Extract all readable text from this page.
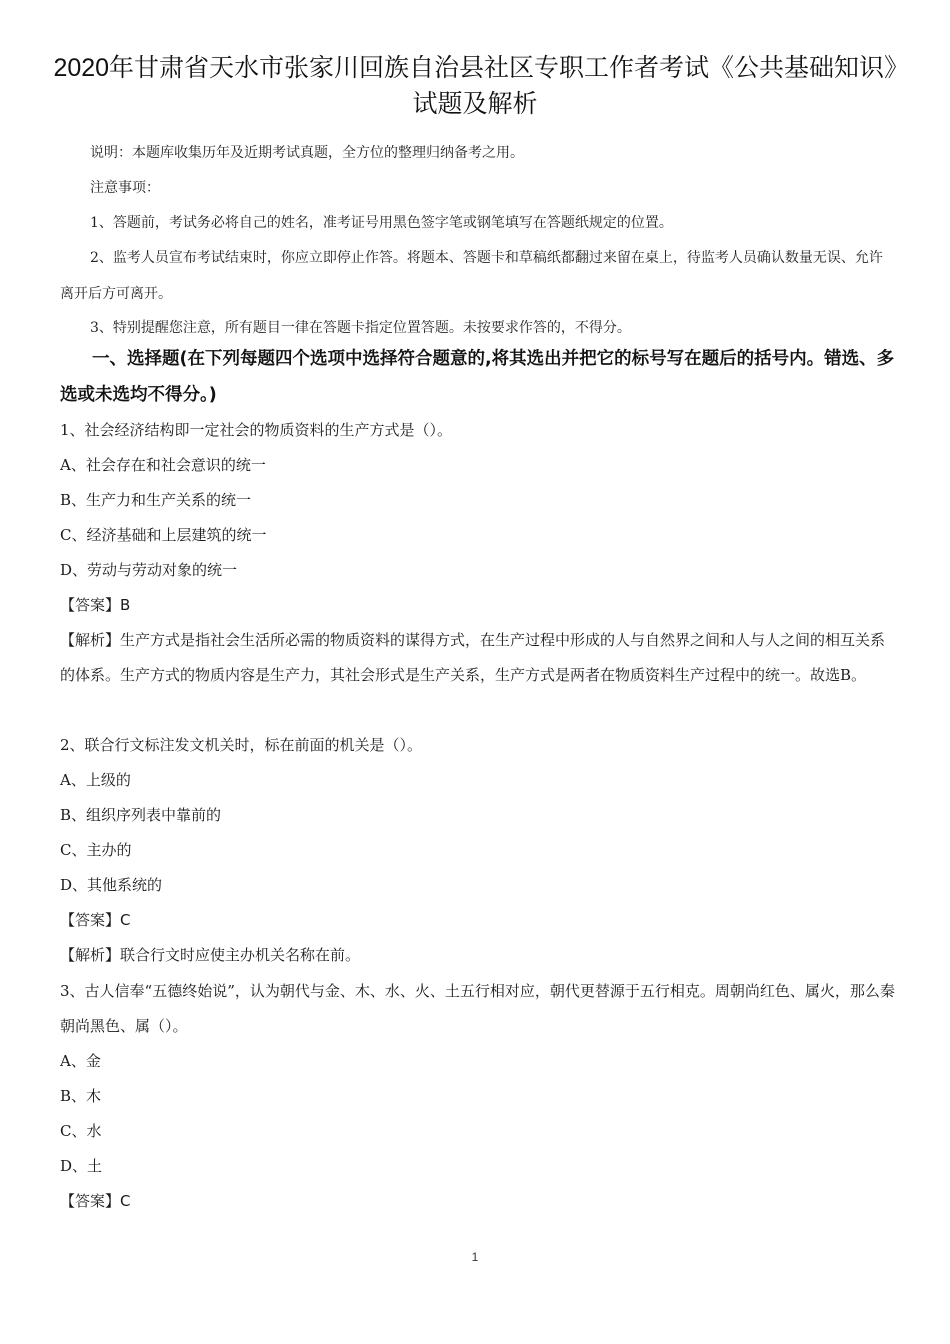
2020年甘肃省天水市张家川回族自治县社区专职工作者考试《公共基础知识》试题及解析

说明：本题库收集历年及近期考试真题，全方位的整理归纳备考之用。

注意事项：

1、答题前，考试务必将自己的姓名，准考证号用黑色签字笔或钢笔填写在答题纸规定的位置。

2、监考人员宣布考试结束时，你应立即停止作答。将题本、答题卡和草稿纸都翻过来留在桌上，待监考人员确认数量无误、允许离开后方可离开。

3、特别提醒您注意，所有题目一律在答题卡指定位置答题。未按要求作答的，不得分。

一、选择题(在下列每题四个选项中选择符合题意的,将其选出并把它的标号写在题后的括号内。错选、多选或未选均不得分。)

1、社会经济结构即一定社会的物质资料的生产方式是（）。

A、社会存在和社会意识的统一

B、生产力和生产关系的统一

C、经济基础和上层建筑的统一

D、劳动与劳动对象的统一

【答案】B

【解析】生产方式是指社会生活所必需的物质资料的谋得方式，在生产过程中形成的人与自然界之间和人与人之间的相互关系的体系。生产方式的物质内容是生产力，其社会形式是生产关系，生产方式是两者在物质资料生产过程中的统一。故选B。

2、联合行文标注发文机关时，标在前面的机关是（）。

A、上级的

B、组织序列表中靠前的

C、主办的

D、其他系统的

【答案】C

【解析】联合行文时应使主办机关名称在前。

3、古人信奉“五德终始说”，认为朝代与金、木、水、火、土五行相对应，朝代更替源于五行相克。周朝尚红色、属火，那么秦朝尚黑色、属（）。

A、金

B、木

C、水

D、土

【答案】C

1
